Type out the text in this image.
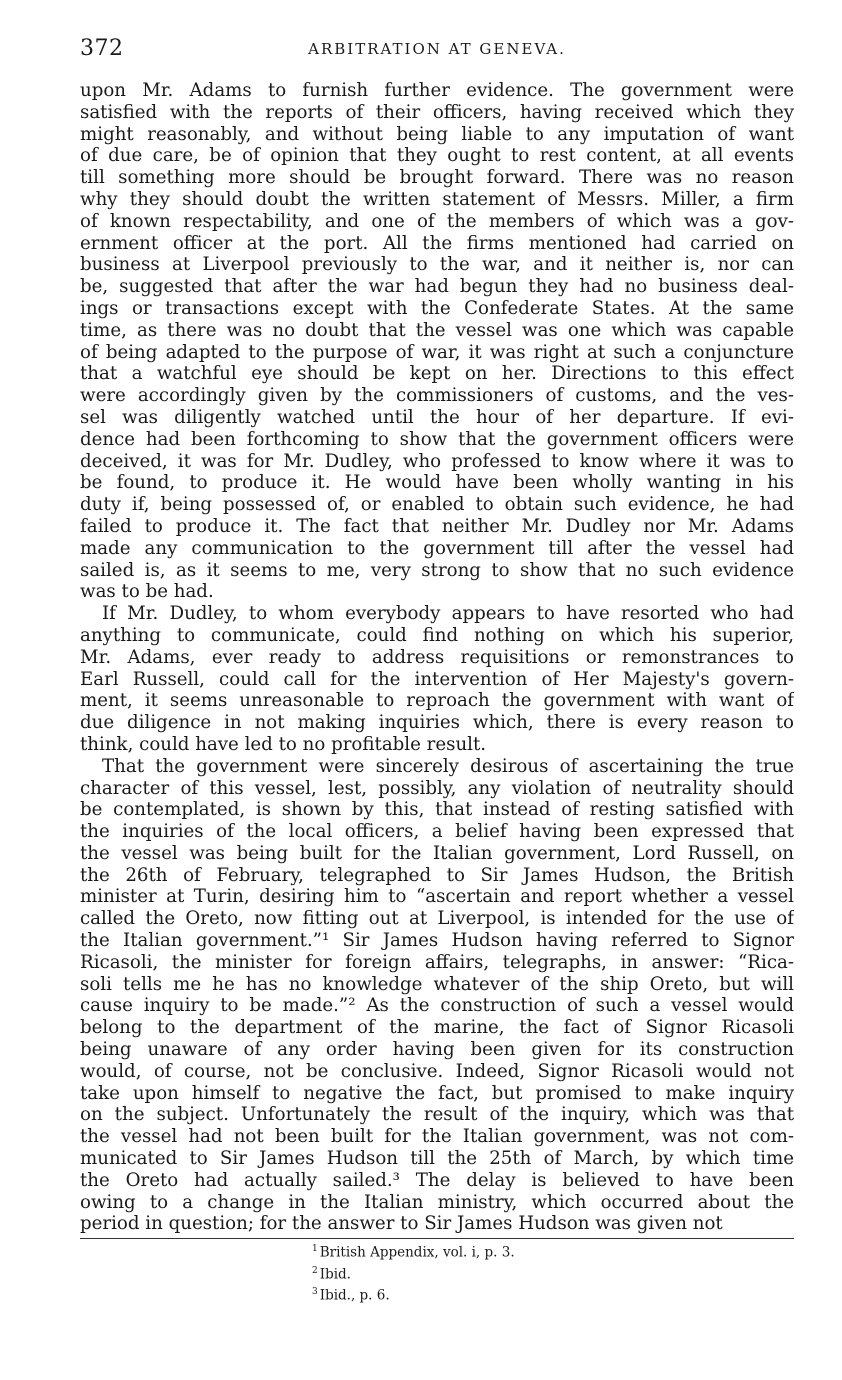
372	ARBITRATION AT GENEVA.
upon Mr. Adams to furnish further evidence. The government were
satisfied with the reports of their officers, having received which they
might reasonably, and without being liable to any imputation of want
of due care, be of opinion that they ought to rest content, at all events
till something more should be brought forward. There was no reason
why they should doubt the written statement of Messrs. Miller, a firm
of known respectability, and one of the members of which was a gov-
ernment officer at the port. All the firms mentioned had carried on
business at Liverpool previously to the war, and it neither is, nor can
be, suggested that after the war had begun they had no business deal-
ings or transactions except with the Confederate States. At the same
time, as there was no doubt that the vessel was one which was capable
of being adapted to the purpose of war, it was right at such a conjuncture
that a watchful eye should be kept on her. Directions to this effect
were accordingly given by the commissioners of customs, and the ves-
sel was diligently watched until the hour of her departure. If evi-
dence had been forthcoming to show that the government officers were
deceived, it was for Mr. Dudley, who professed to know where it was to
be found, to produce it. He would have been wholly wanting in his
duty if, being possessed of, or enabled to obtain such evidence, he had
failed to produce it. The fact that neither Mr. Dudley nor Mr. Adams
made any communication to the government till after the vessel had
sailed is, as it seems to me, very strong to show that no such evidence
was to be had.
If Mr. Dudley, to whom everybody appears to have resorted who had
anything to communicate, could find nothing on which his superior,
Mr. Adams, ever ready to address requisitions or remonstrances to
Earl Russell, could call for the intervention of Her Majesty's govern-
ment, it seems unreasonable to reproach the government with want of
due diligence in not making inquiries which, there is every reason to
think, could have led to no profitable result.
That the government were sincerely desirous of ascertaining the true
character of this vessel, lest, possibly, any violation of neutrality should
be contemplated, is shown by this, that instead of resting satisfied with
the inquiries of the local officers, a belief having been expressed that
the vessel was being built for the Italian government, Lord Russell, on
the 26th of February, telegraphed to Sir James Hudson, the British
minister at Turin, desiring him to “ascertain and report whether a vessel
called the Oreto, now fitting out at Liverpool, is intended for the use of
the Italian government.”¹ Sir James Hudson having referred to Signor
Ricasoli, the minister for foreign affairs, telegraphs, in answer: “Rica-
soli tells me he has no knowledge whatever of the ship Oreto, but will
cause inquiry to be made.”² As the construction of such a vessel would
belong to the department of the marine, the fact of Signor Ricasoli
being unaware of any order having been given for its construction
would, of course, not be conclusive. Indeed, Signor Ricasoli would not
take upon himself to negative the fact, but promised to make inquiry
on the subject. Unfortunately the result of the inquiry, which was that
the vessel had not been built for the Italian government, was not com-
municated to Sir James Hudson till the 25th of March, by which time
the Oreto had actually sailed.³ The delay is believed to have been
owing to a change in the Italian ministry, which occurred about the
period in question; for the answer to Sir James Hudson was given not
$^1$ British Appendix, vol. i, p. 3.
$^2$ Ibid.
$^3$ Ibid., p. 6.
